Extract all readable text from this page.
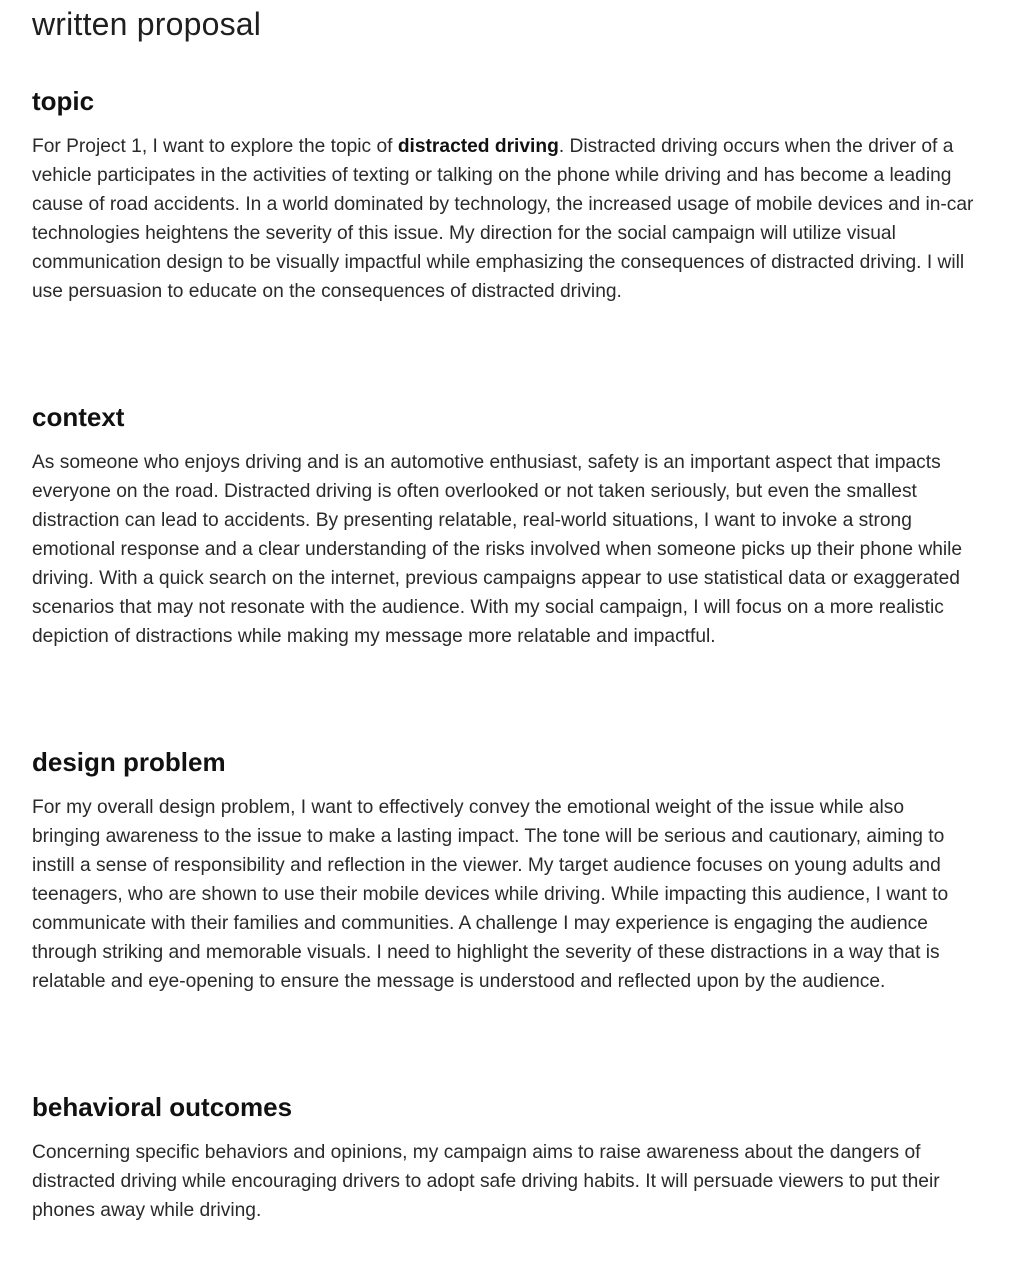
written proposal
topic

For Project 1, I want to explore the topic of distracted driving. Distracted driving occurs when the driver of a vehicle participates in the activities of texting or talking on the phone while driving and has become a leading cause of road accidents. In a world dominated by technology, the increased usage of mobile devices and in-car technologies heightens the severity of this issue. My direction for the social campaign will utilize visual communication design to be visually impactful while emphasizing the consequences of distracted driving. I will use persuasion to educate on the consequences of distracted driving.

context

As someone who enjoys driving and is an automotive enthusiast, safety is an important aspect that impacts everyone on the road. Distracted driving is often overlooked or not taken seriously, but even the smallest distraction can lead to accidents. By presenting relatable, real-world situations, I want to invoke a strong emotional response and a clear understanding of the risks involved when someone picks up their phone while driving. With a quick search on the internet, previous campaigns appear to use statistical data or exaggerated scenarios that may not resonate with the audience. With my social campaign, I will focus on a more realistic depiction of distractions while making my message more relatable and impactful.

design problem

For my overall design problem, I want to effectively convey the emotional weight of the issue while also bringing awareness to the issue to make a lasting impact. The tone will be serious and cautionary, aiming to instill a sense of responsibility and reflection in the viewer. My target audience focuses on young adults and teenagers, who are shown to use their mobile devices while driving. While impacting this audience, I want to communicate with their families and communities. A challenge I may experience is engaging the audience through striking and memorable visuals. I need to highlight the severity of these distractions in a way that is relatable and eye-opening to ensure the message is understood and reflected upon by the audience.

behavioral outcomes

Concerning specific behaviors and opinions, my campaign aims to raise awareness about the dangers of distracted driving while encouraging drivers to adopt safe driving habits. It will persuade viewers to put their phones away while driving.
